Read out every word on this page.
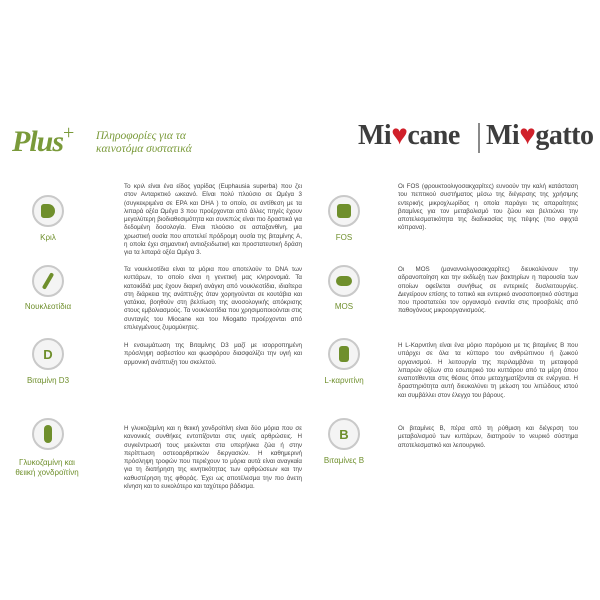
Plus+ Πληροφορίες για τα
καινοτόμα συστατικά	Mi♥cane Mi♥gatto
Κριλ
Το κριλ είναι ένα είδος γαρίδας (Euphausia superba) που ζει στον Ανταρκτικό ωκεανό. Είναι πολύ πλούσιο σε Ωμέγα 3 (συγκεκριμένα σε EPA και DHA ) το οποίο, σε αντίθεση με τα λιπαρά οξέα Ωμέγα 3 που προέρχονται από άλλες πηγές έχουν μεγαλύτερη βιοδιαθεσιμότητα και συνεπώς είναι πιο δραστικά για δεδομένη δοσολογία. Είναι πλούσιο σε ασταξανθίνη, μια χρωστική ουσία που αποτελεί πρόδρομη ουσία της βιταμίνης A, η οποία έχει σημαντική αντιοξειδωτική και προστατευτική δράση για τα λιπαρά οξέα Ωμέγα 3.
Νουκλεοτίδια
Τα νουκλεοτίδια είναι τα μόρια που αποτελούν το DNA των κυττάρων, το οποίο είναι η γενετική μας κληρονομιά. Τα κατοικίδιά μας έχουν διαρκή ανάγκη από νουκλεοτίδια, ιδιαίτερα στη διάρκεια της ανάπτυξης όταν χορηγούνται σε κουτάβια και γατάκια, βοηθούν στη βελτίωση της ανοσολογικής απόκρισης στους εμβολιασμούς. Τα νουκλεοτίδια που χρησιμοποιούνται στις συνταγές του Miocane και του Miogatto προέρχονται από επιλεγμένους ζυμομύκητες.
D
Βιταμίνη D3
Η ενσωμάτωση της Βιταμίνης D3 μαζί με ισορροπημένη πρόσληψη ασβεστίου και φωσφόρου διασφαλίζει την υγιή και αρμονική ανάπτυξη του σκελετού.
Γλυκοζαμίνη και θειική χονδροϊτίνη
Η γλυκοζαμίνη και η θειική χονδροϊτίνη είναι δύο μόρια που σε κανονικές συνθήκες εντοπίζονται στις υγιείς αρθρώσεις. Η συγκέντρωσή τους μειώνεται στα υπερήλικα ζώα ή στην περίπτωση οστεοαρθριτικών διεργασιών. Η καθημερινή πρόσληψη τροφών που περιέχουν το μόρια αυτά είναι αναγκαία για τη διατήρηση της κινητικότητας των αρθρώσεων και την καθυστέρηση της φθοράς. Έχει ως αποτέλεσμα την πιο άνετη κίνηση και το ευκολότερο και ταχύτερο βάδισμα.
FOS
Οι FOS (φρουκτοολιγοσακχαρίτες) ευνοούν την καλή κατάσταση του πεπτικού συστήματος μέσω της διέγερσης της χρήσιμης εντερικής μικροχλωρίδας η οποία παράγει τις απαραίτητες βιταμίνες για τον μεταβολισμό του ζώου και βελτιώνει την αποτελεσματικότητα της διαδικασίας της πέψης (πιο σφιχτά κόπρανα).
MOS
Οι MOS (μαναννολιγοσακχαρίτες) διευκολύνουν την αδρανοποίηση και την εκδίωξη των βακτηρίων η παρουσία των οποίων οφείλεται συνήθως σε εντερικές δυσλειτουργίες. Διεγείρουν επίσης το τοπικό και εντερικό ανοσοποιητικό σύστημα που προστατεύει τον οργανισμό εναντία στις προσβολές από παθογόνους μικροοργανισμούς.
L-καρνιτίνη
Η L-Καρνιτίνη είναι ένα μόριο παρόμοιο με τις βιταμίνες B που υπάρχει σε όλα τα κύτταρο του ανθρώπινου ή ζωικού οργανισμού. Η λειτουργία της περιλαμβάνει τη μεταφορά λιπαρών οξέων στο εσωτερικό του κυττάρου από τα μέρη όπου εναποτίθενται στις θέσεις όπου μεταχηματίζονται σε ενέργεια. Η δραστηριότητα αυτή διευκολύνει τη μείωση του λιπώδους ιστού και συμβάλλει στον έλεγχο του βάρους.
B
Βιταμίνες B
Οι βιταμίνες B, πέρα από τη ρύθμιση και διέγερση του μεταβολισμού των κυττάρων, διατηρούν το νευρικό σύστημα αποτελεσματικό και λειτουργικό.
